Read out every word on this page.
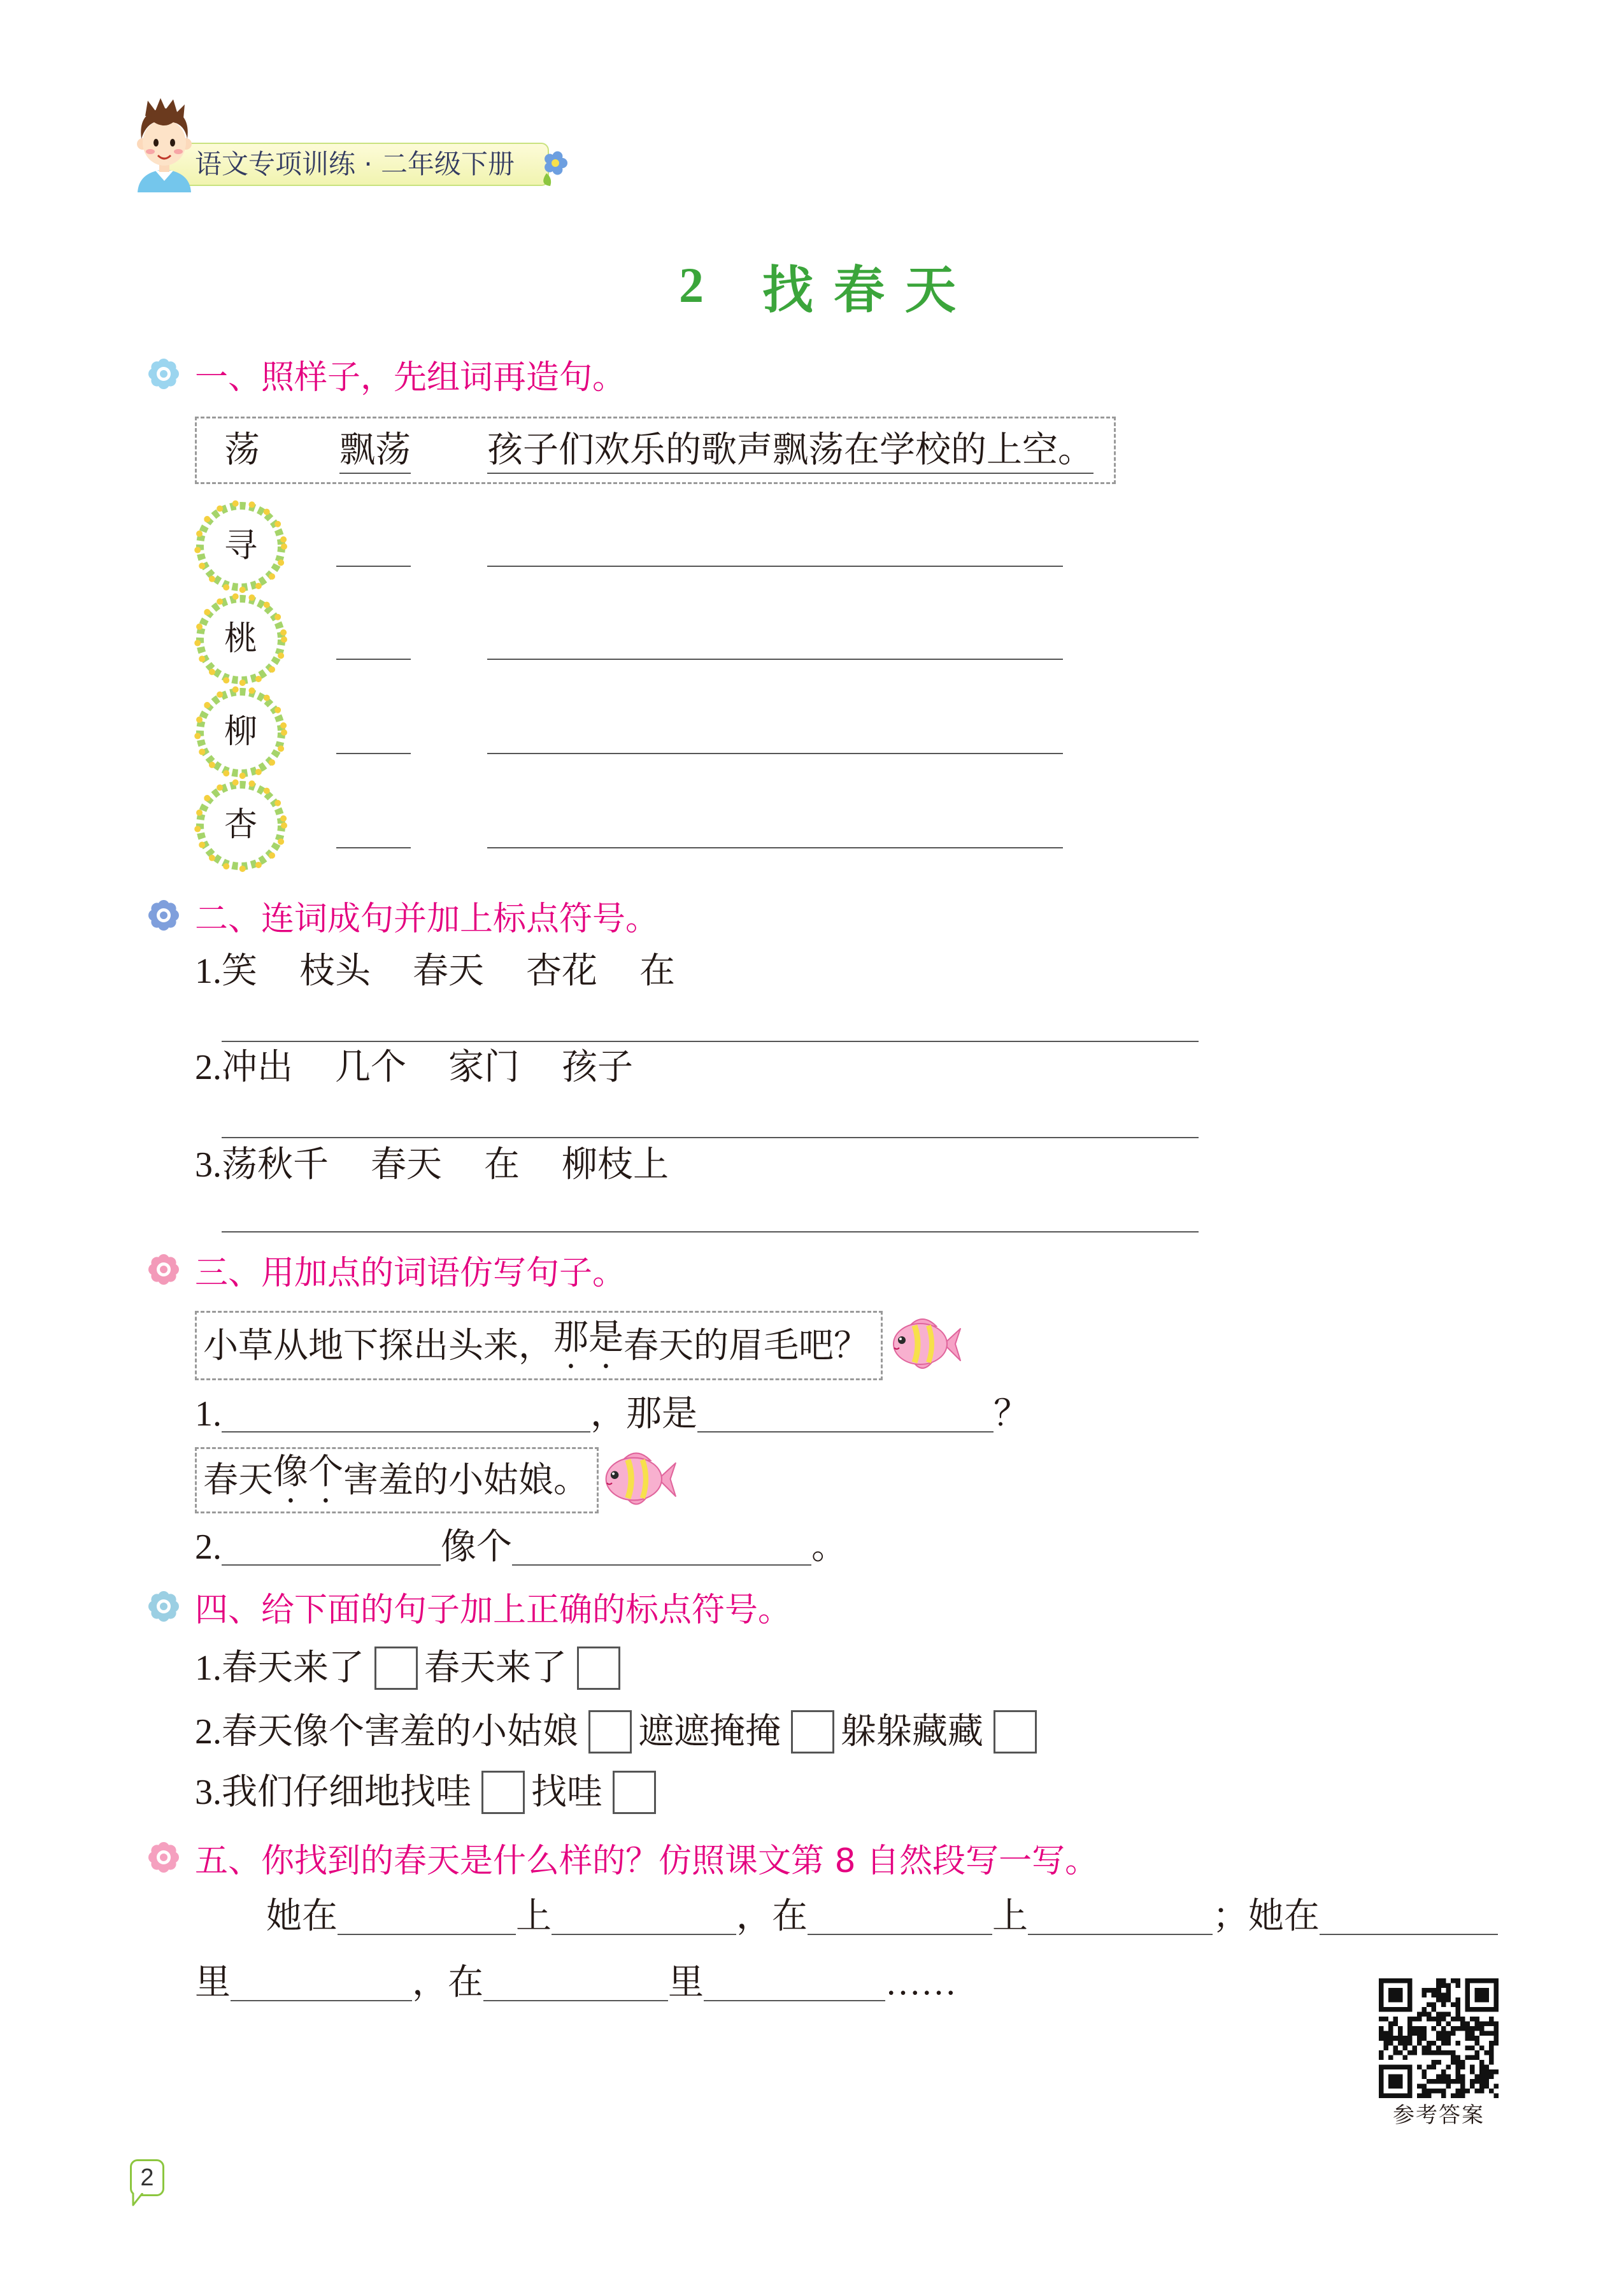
语文专项训练 · 二年级下册
2 找春天
一、照样子，先组词再造句。
荡 飘荡 孩子们欢乐的歌声飘荡在学校的上空。
寻
桃
柳
杏
二、连词成句并加上标点符号。
1. 笑 枝头 春天 杏花 在
2. 冲出 几个 家门 孩子
3. 荡秋千 春天 在 柳枝上
三、用加点的词语仿写句子。
小草从地下探出头来， 那是 春天的眉毛吧？
1.	，那是	？
春天 像个 害羞的小姑娘。
2.	像个	。
四、给下面的句子加上正确的标点符号。
1.春天来了 春天来了
2.春天像个害羞的小姑娘 遮遮掩掩 躲躲藏藏
3.我们仔细地找哇 找哇
五、你找到的春天是什么样的？仿照课文第 8 自然段写一写。
她在	上	，在	上	；她在
里	，在	里	……
参考答案
2
